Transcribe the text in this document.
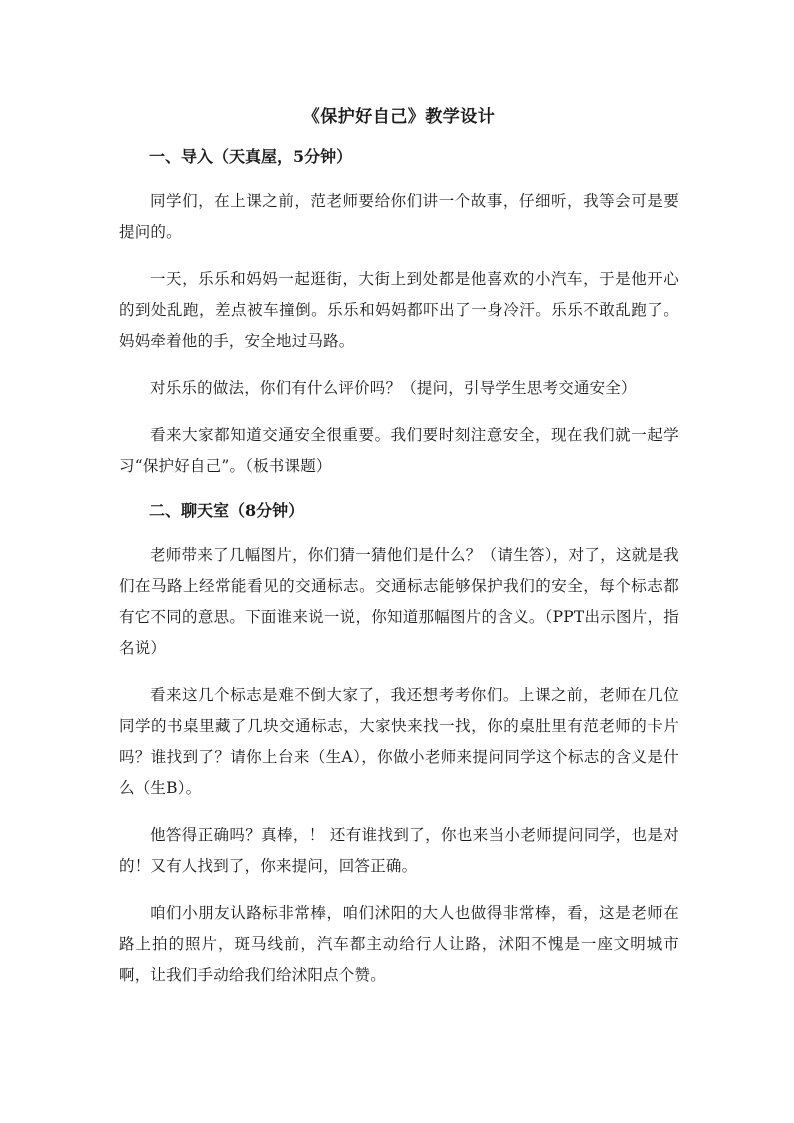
《保护好自己》教学设计
一、导入（天真屋，5分钟）

同学们，在上课之前，范老师要给你们讲一个故事，仔细听，我等会可是要提问的。

一天，乐乐和妈妈一起逛街，大街上到处都是他喜欢的小汽车，于是他开心的到处乱跑，差点被车撞倒。乐乐和妈妈都吓出了一身冷汗。乐乐不敢乱跑了。妈妈牵着他的手，安全地过马路。

对乐乐的做法，你们有什么评价吗？（提问，引导学生思考交通安全）

看来大家都知道交通安全很重要。我们要时刻注意安全，现在我们就一起学习“保护好自己”。（板书课题）

二、聊天室（8分钟）

老师带来了几幅图片，你们猜一猜他们是什么？（请生答），对了，这就是我们在马路上经常能看见的交通标志。交通标志能够保护我们的安全，每个标志都有它不同的意思。下面谁来说一说，你知道那幅图片的含义。（PPT出示图片，指名说）

看来这几个标志是难不倒大家了，我还想考考你们。上课之前，老师在几位同学的书桌里藏了几块交通标志，大家快来找一找，你的桌肚里有范老师的卡片吗？谁找到了？请你上台来（生A），你做小老师来提问同学这个标志的含义是什么（生B）。

他答得正确吗？真棒，！ 还有谁找到了，你也来当小老师提问同学，也是对的！又有人找到了，你来提问，回答正确。

咱们小朋友认路标非常棒，咱们沭阳的大人也做得非常棒，看，这是老师在路上拍的照片，斑马线前，汽车都主动给行人让路，沭阳不愧是一座文明城市啊，让我们手动给我们给沭阳点个赞。
